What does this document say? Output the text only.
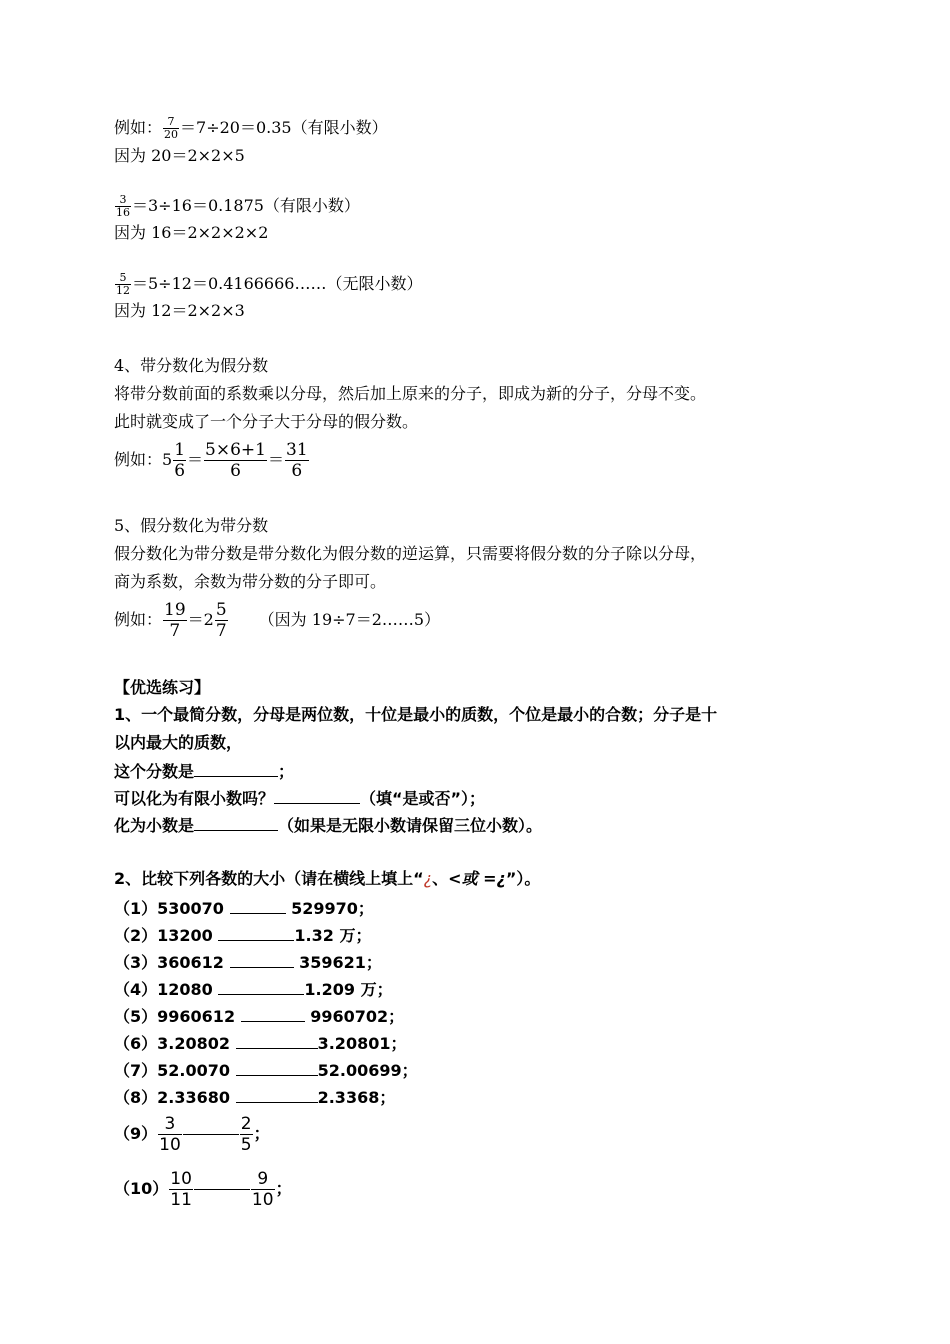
例如： $\frac{7}{20} =7\div 20=0.35$（有限小数）
因为 20＝2×2×5
$\frac{3}{16} =3\div 16=0.1875$（有限小数）
因为 16＝2×2×2×2
$\frac{5}{12}$ ＝5÷12＝0.4166666……（无限小数）
因为 12＝2×2×3
4、带分数化为假分数
将带分数前面的系数乘以分母，然后加上原来的分子，即成为新的分子，分母不变。
此时就变成了一个分子大于分母的假分数。
例如：$5 \frac{1}{6} = \frac{5\times 6+1}{6} = \frac{31}{6}$
5、假分数化为带分数
假分数化为带分数是带分数化为假分数的逆运算，只需要将假分数的分子除以分母，
商为系数，余数为带分数的分子即可。
例如： $\frac{19}{7} =2 \frac{5}{7}$ （因为 19÷7＝2……5）
【优选练习】
1、一个最简分数，分母是两位数，十位是最小的质数，个位是最小的合数；分子是十
以内最大的质数，
这个分数是	；
可以化为有限小数吗？	（填“是或否”）；
化为小数是	（如果是无限小数请保留三位小数）。
2、比较下列各数的大小（请在横线上填上“¿、<或 =¿”）。
（1）530070	529970；
（2）13200	1.32 万；
（3）360612	359621；
（4）12080	1.209 万；
（5）9960612	9960702；
（6）3.20802	3.20801；
（7）52.0070	52.00699；
（8）2.33680	2.3368；
$(9) \frac{3}{10}$	$\frac{2}{5}$ ；
$(10) \frac{10}{11}$	$\frac{9}{10}$ ；
